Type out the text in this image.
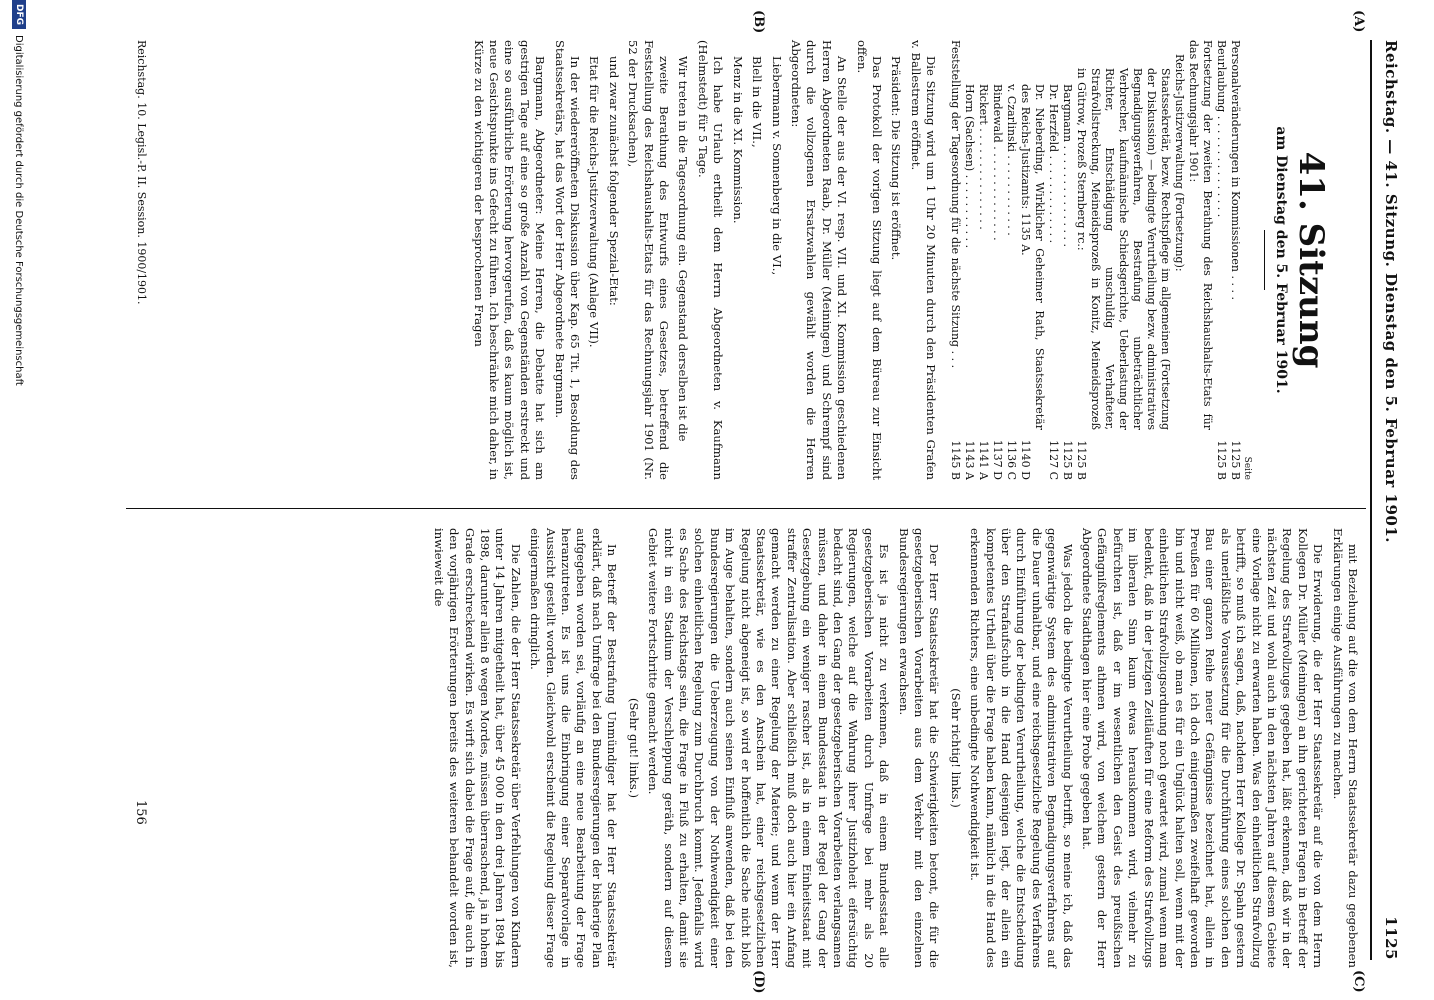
Reichstag. — 41. Sitzung. Dienstag den 5. Februar 1901.
1125
(A)
(B)
(C)
(D)
41. Sitzung
am Dienstag den 5. Februar 1901.
Seite
Personalveränderungen in Kommissionen . . . .
1125 B
Beurlaubung . . . . . . . . . . . . . . .
1125 B
Fortsetzung der zweiten Berathung des Reichshaushalts-Etats für das Rechnungsjahr 1901:
Reichs-Justizverwaltung (Fortsetzung):
Staatssekretär, bezw. Rechtspflege im allgemeinen (Fortsetzung der Diskussion) — bedingte Verurtheilung bezw. administratives Begnadigungsverfahren, Bestrafung unbeträchtlicher Verbrecher, kaufmännische Schiedsgerichte, Ueberlastung der Richter, Entschädigung unschuldig Verhafteter, Strafvollstreckung, Meineidsprozeß in Konitz, Meineidsprozeß in Gütrow, Prozeß Sternberg rc.:
1125 B
Bargmann . . . . . . . . . . . . . . .
1125 B
Dr. Herzfeld . . . . . . . . . . . . .
1127 C
Dr. Nieberding, Wirklicher Geheimer Rath, Staatssekretär des Reichs-Justizamts: 1135 A.
1140 D
v. Czarlinski . . . . . . . . . . . .
1136 C
Bindewald . . . . . . . . . . . . . .
1137 D
Rickert . . . . . . . . . . . . . . .
1141 A
Horn (Sachsen) . . . . . . . . . . .
1143 A
Feststellung der Tagesordnung für die nächste Sitzung . . .
1145 B

Die Sitzung wird um 1 Uhr 20 Minuten durch den Präsidenten Grafen v. Ballestrem eröffnet.

Präsident: Die Sitzung ist eröffnet.

Das Protokoll der vorigen Sitzung liegt auf dem Büreau zur Einsicht offen.

An Stelle der aus der VI. resp. VII. und XI. Kommission geschiedenen Herren Abgeordneten Raab, Dr. Müller (Meiningen) und Schrempf sind durch die vollzogenen Ersatzwahlen gewählt worden die Herren Abgeordneten:

Liebermann v. Sonnenberg in die VI.,

Blell in die VII.,

Menz in die XI. Kommission.

Ich habe Urlaub ertheilt dem Herrn Abgeordneten v. Kaufmann (Helmstedt) für 5 Tage.

Wir treten in die Tagesordnung ein. Gegenstand derselben ist die

zweite Berathung des Entwurfs eines Gesetzes, betreffend die Feststellung des Reichshaushalts-Etats für das Rechnungsjahr 1901 (Nr. 52 der Drucksachen),

und zwar zunächst folgender Spezial-Etat:

Etat für die Reichs-Justizverwaltung (Anlage VII).

In der wiedereröffneten Diskussion über Kap. 65 Tit. 1, Besoldung des Staatssekretärs, hat das Wort der Herr Abgeordnete Bargmann.

Bargmann, Abgeordneter: Meine Herren, die Debatte hat sich am gestrigen Tage auf eine so große Anzahl von Gegenständen erstreckt und eine so ausführliche Erörterung hervorgerufen, daß es kaum möglich ist, neue Gesichtspunkte ins Gefecht zu führen. Ich beschränke mich daher, in Kürze zu den wichtigeren der besprochenen Fragen

mit Beziehung auf die von dem Herrn Staatssekretär dazu gegebenen Erklärungen einige Ausführungen zu machen.

Die Erwiderung, die der Herr Staatssekretär auf die von dem Herrn Kollegen Dr. Müller (Meiningen) an ihn gerichteten Fragen in Betreff der Regelung des Strafvollzuges gegeben hat, läßt erkennen, daß wir in der nächsten Zeit und wohl auch in den nächsten Jahren auf diesem Gebiete eine Vorlage nicht zu erwarten haben. Was den einheitlichen Strafvollzug betrifft, so muß ich sagen, daß, nachdem Herr Kollege Dr. Spahn gestern als unerläßliche Voraussetzung für die Durchführung eines solchen den Bau einer ganzen Reihe neuer Gefängnisse bezeichnet hat, allein in Preußen für 60 Millionen, ich doch einigermaßen zweifelhaft geworden bin und nicht weiß, ob man es für ein Unglück halten soll, wenn mit der einheitlichen Strafvollzugsordnung noch gewartet wird, zumal wenn man bedenkt, daß in der jetzigen Zeitläuften für eine Reform des Strafvollzugs im liberalen Sinn kaum etwas herauskommen wird, vielmehr zu befürchten ist, daß er im wesentlichen den Geist des preußischen Gefängnißreglements athmen wird, von welchem gestern der Herr Abgeordnete Stadthagen hier eine Probe gegeben hat.

Was jedoch die bedingte Verurtheilung betrifft, so meine ich, daß das gegenwärtige System des administrativen Begnadigungsverfahrens auf die Dauer unhaltbar, und eine reichsgesetzliche Regelung des Verfahrens durch Einführung der bedingten Verurtheilung, welche die Entscheidung über den Strafaufschub in die Hand desjenigen legt, der allein ein kompetentes Urtheil über die Frage haben kann, nämlich in die Hand des erkennenden Richters, eine unbedingte Nothwendigkeit ist.

(Sehr richtig! links.)

Der Herr Staatssekretär hat die Schwierigkeiten betont, die für die gesetzgeberischen Vorarbeiten aus dem Verkehr mit den einzelnen Bundesregierungen erwachsen.

Es ist ja nicht zu verkennen, daß in einem Bundesstaat alle gesetzgeberischen Vorarbeiten durch Umfrage bei mehr als 20 Regierungen, welche auf die Wahrung ihrer Justizhoheit eifersüchtig bedacht sind, den Gang der gesetzgeberischen Vorarbeiten verlangsamen müssen, und daher in einem Bundesstaat in der Regel der Gang der Gesetzgebung ein weniger rascher ist, als in einem Einheitsstaat mit straffer Zentralisation. Aber schließlich muß doch auch hier ein Anfang gemacht werden zu einer Regelung der Materie; und wenn der Herr Staatssekretär, wie es den Anschein hat, einer reichsgesetzlichen Regelung nicht abgeneigt ist, so wird er hoffentlich die Sache nicht bloß im Auge behalten, sondern auch seinen Einfluß anwenden, daß bei den Bundesregierungen die Ueberzeugung von der Nothwendigkeit einer solchen einheitlichen Regelung zum Durchbruch kommt. Jedenfalls wird es Sache des Reichstags sein, die Frage in Fluß zu erhalten, damit sie nicht in ein Stadium der Verschleppung geräth, sondern auf diesem Gebiet weitere Fortschritte gemacht werden.

(Sehr gut! links.)

In Betreff der Bestrafung Unmündiger hat der Herr Staatssekretär erklärt, daß nach Umfrage bei den Bundesregierungen der bisherige Plan aufgegeben worden sei, vorläufig an eine neue Bearbeitung der Frage heranzutreten. Es ist uns die Einbringung einer Separatvorlage in Aussicht gestellt worden. Gleichwohl erscheint die Regelung dieser Frage einigermaßen dringlich.

Die Zahlen, die der Herr Staatssekretär über Verfehlungen von Kindern unter 14 Jahren mitgetheilt hat, über 45 000 in den drei Jahren 1894 bis 1898, darunter allein 8 wegen Mordes, müssen überraschend, ja in hohem Grade erschreckend wirken. Es wirft sich dabei die Frage auf, die auch in den vorjährigen Erörterungen bereits des weiteren behandelt worden ist, inwieweit die

Reichstag. 10. Legisl.-P. II. Session. 1900/1901.
156
DFG
Digitalisierung gefördert durch die Deutsche Forschungsgemeinschaft
